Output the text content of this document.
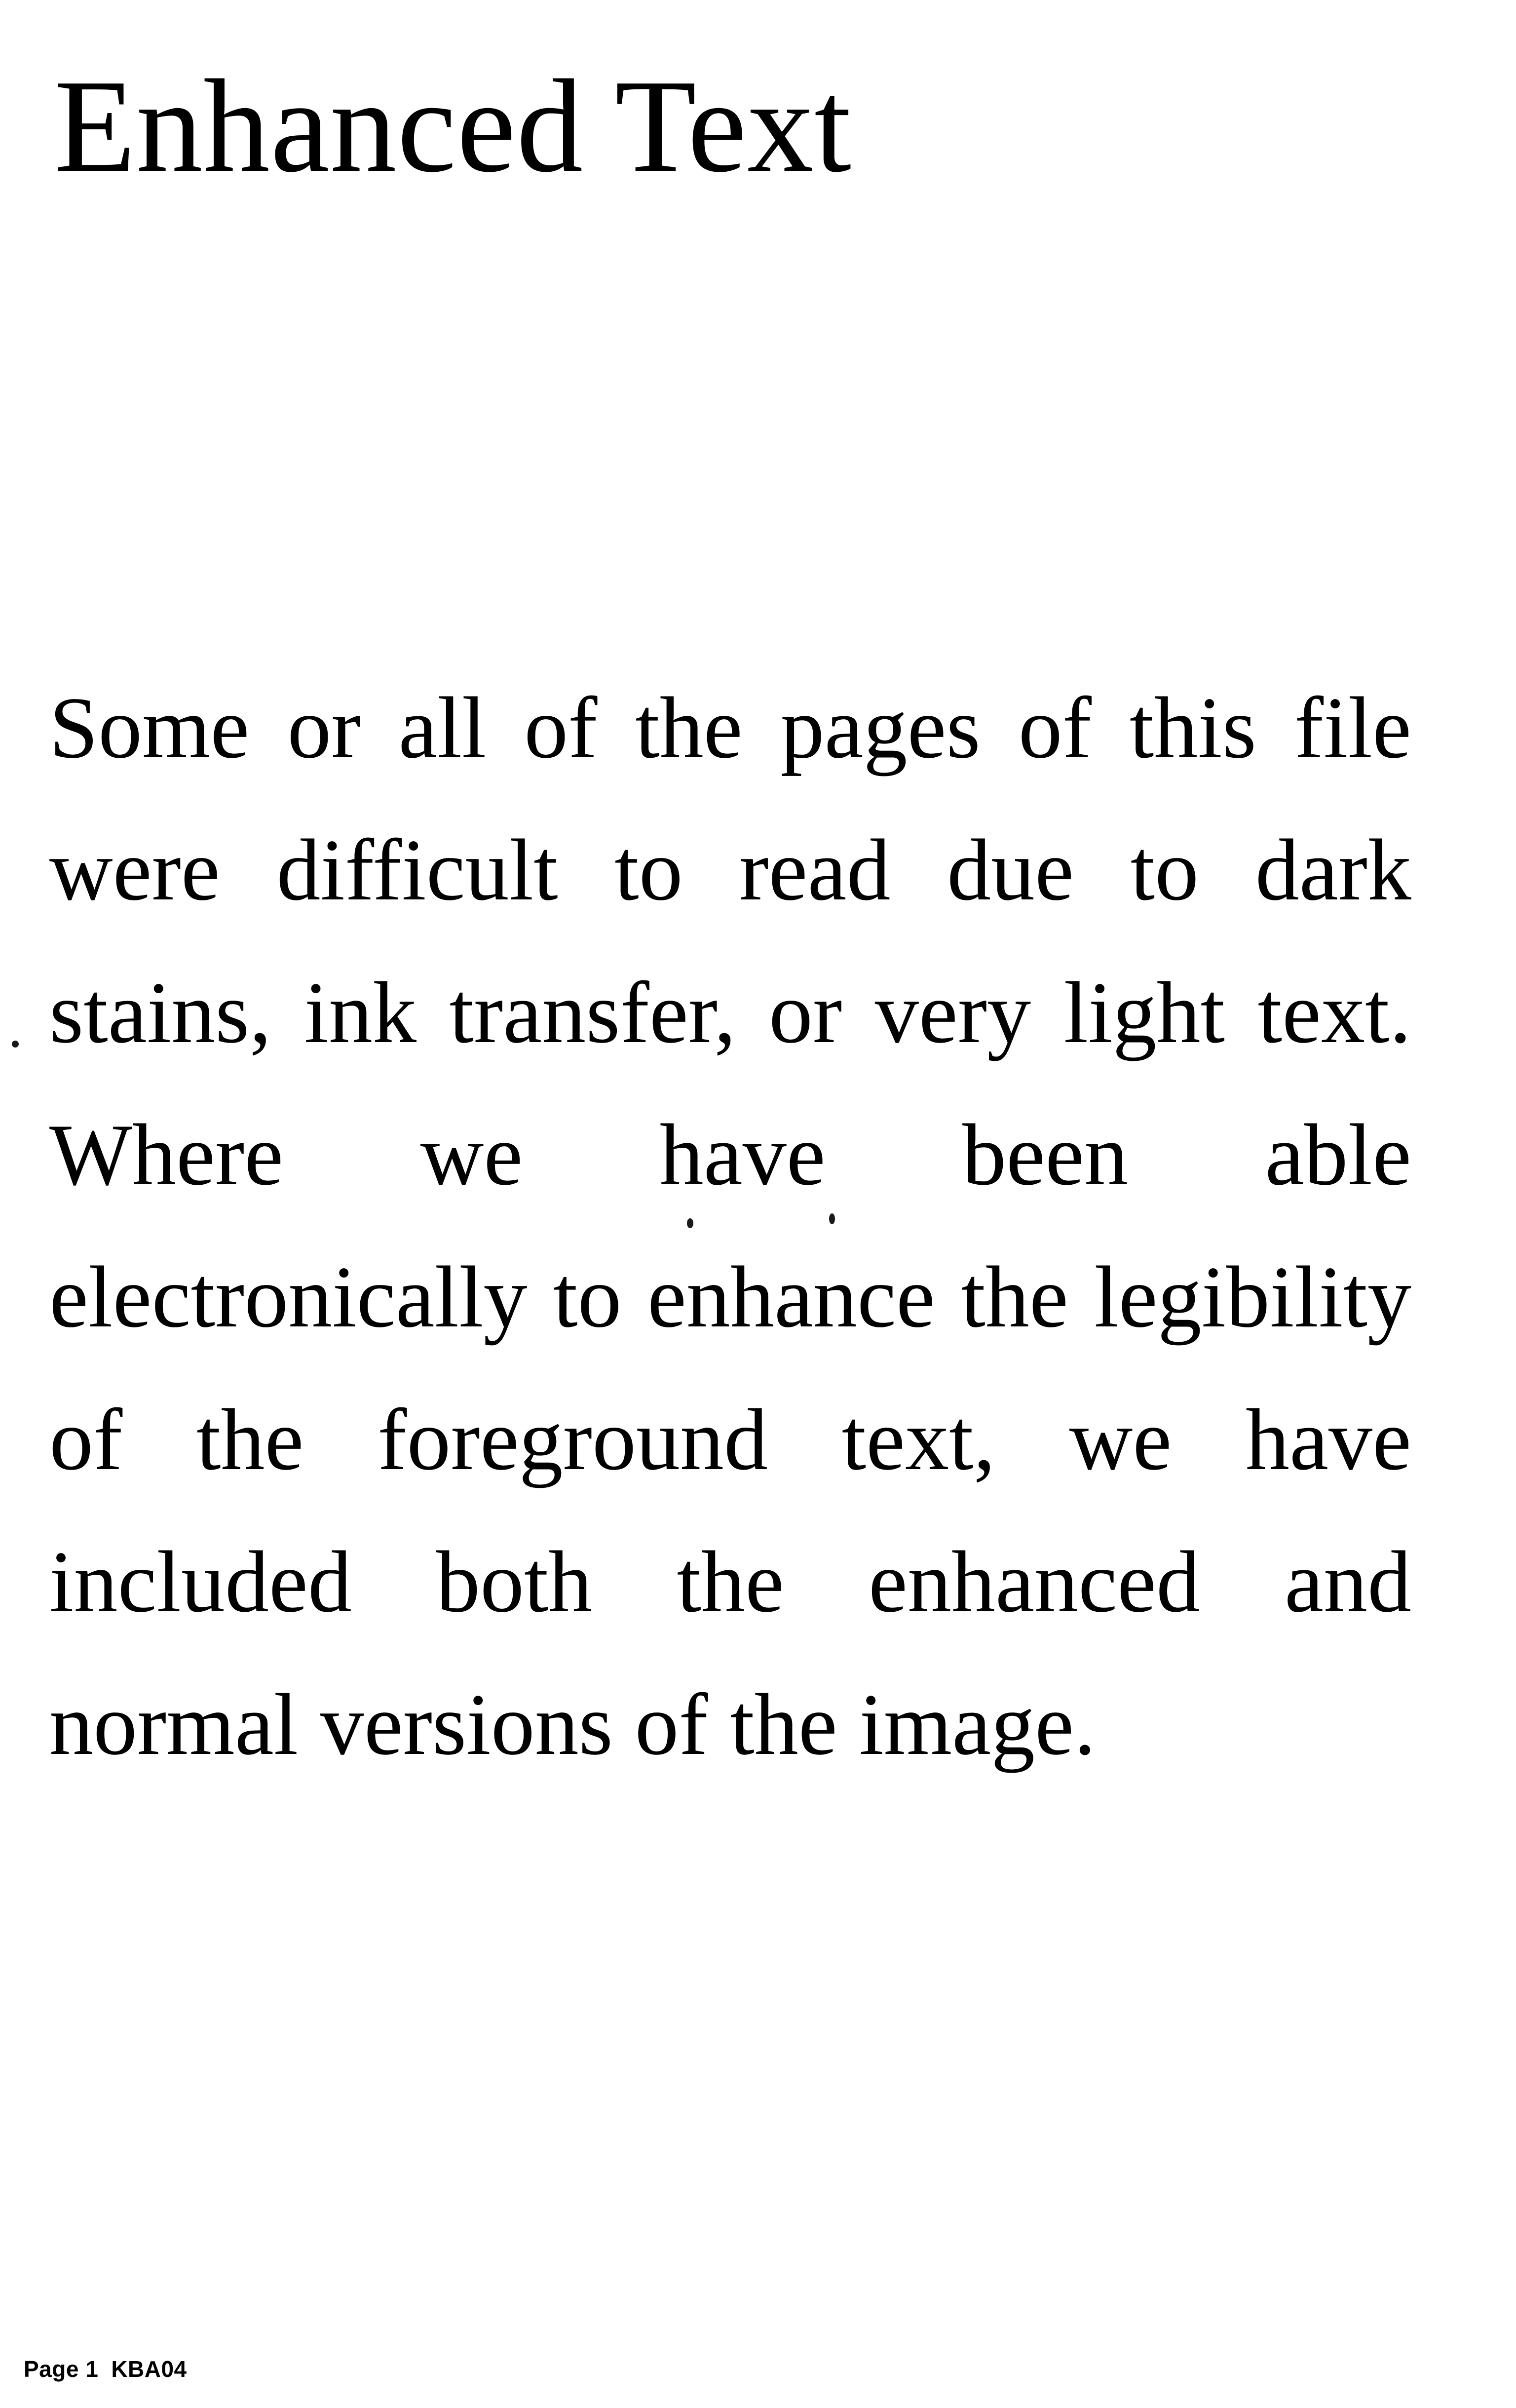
Enhanced Text

Some or all of the pages of this file were difficult to read due to dark stains, ink transfer, or very light text. Where we have been able electronically to enhance the legibility of the foreground text, we have included both the enhanced and normal versions of the image.

Page 1 KBA04
